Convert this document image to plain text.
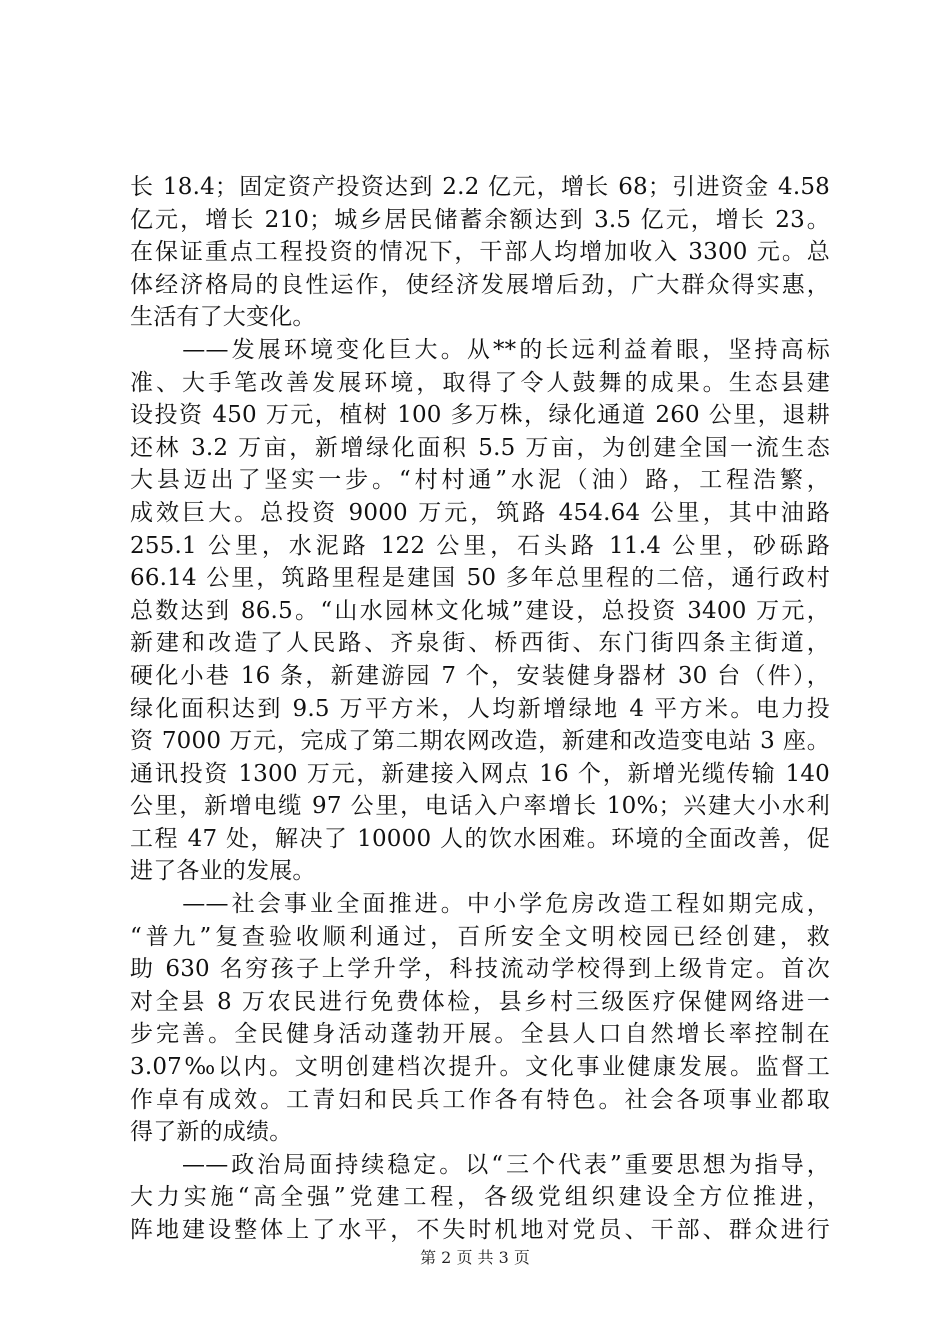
长 18.4；固定资产投资达到 2.2 亿元，增长 68；引进资金 4.58
亿元，增长 210；城乡居民储蓄余额达到 3.5 亿元，增长 23。
在保证重点工程投资的情况下，干部人均增加收入 3300 元。总
体经济格局的良性运作，使经济发展增后劲，广大群众得实惠，
生活有了大变化。
　　——发展环境变化巨大。从**的长远利益着眼，坚持高标
准、大手笔改善发展环境，取得了令人鼓舞的成果。生态县建
设投资 450 万元，植树 100 多万株，绿化通道 260 公里，退耕
还林 3.2 万亩，新增绿化面积 5.5 万亩，为创建全国一流生态
大县迈出了坚实一步。“村村通”水泥（油）路，工程浩繁，
成效巨大。总投资 9000 万元，筑路 454.64 公里，其中油路
255.1 公里，水泥路 122 公里，石头路 11.4 公里，砂砾路
66.14 公里，筑路里程是建国 50 多年总里程的二倍，通行政村
总数达到 86.5。“山水园林文化城”建设，总投资 3400 万元，
新建和改造了人民路、齐泉街、桥西街、东门街四条主街道，
硬化小巷 16 条，新建游园 7 个，安装健身器材 30 台（件），
绿化面积达到 9.5 万平方米，人均新增绿地 4 平方米。电力投
资 7000 万元，完成了第二期农网改造，新建和改造变电站 3 座。
通讯投资 1300 万元，新建接入网点 16 个，新增光缆传输 140
公里，新增电缆 97 公里，电话入户率增长 10%；兴建大小水利
工程 47 处，解决了 10000 人的饮水困难。环境的全面改善，促
进了各业的发展。
　　——社会事业全面推进。中小学危房改造工程如期完成，
“普九”复查验收顺利通过，百所安全文明校园已经创建，救
助 630 名穷孩子上学升学，科技流动学校得到上级肯定。首次
对全县 8 万农民进行免费体检，县乡村三级医疗保健网络进一
步完善。全民健身活动蓬勃开展。全县人口自然增长率控制在
3.07‰以内。文明创建档次提升。文化事业健康发展。监督工
作卓有成效。工青妇和民兵工作各有特色。社会各项事业都取
得了新的成绩。
　　——政治局面持续稳定。以“三个代表”重要思想为指导，
大力实施“高全强”党建工程，各级党组织建设全方位推进，
阵地建设整体上了水平，不失时机地对党员、干部、群众进行
第 2 页 共 3 页
